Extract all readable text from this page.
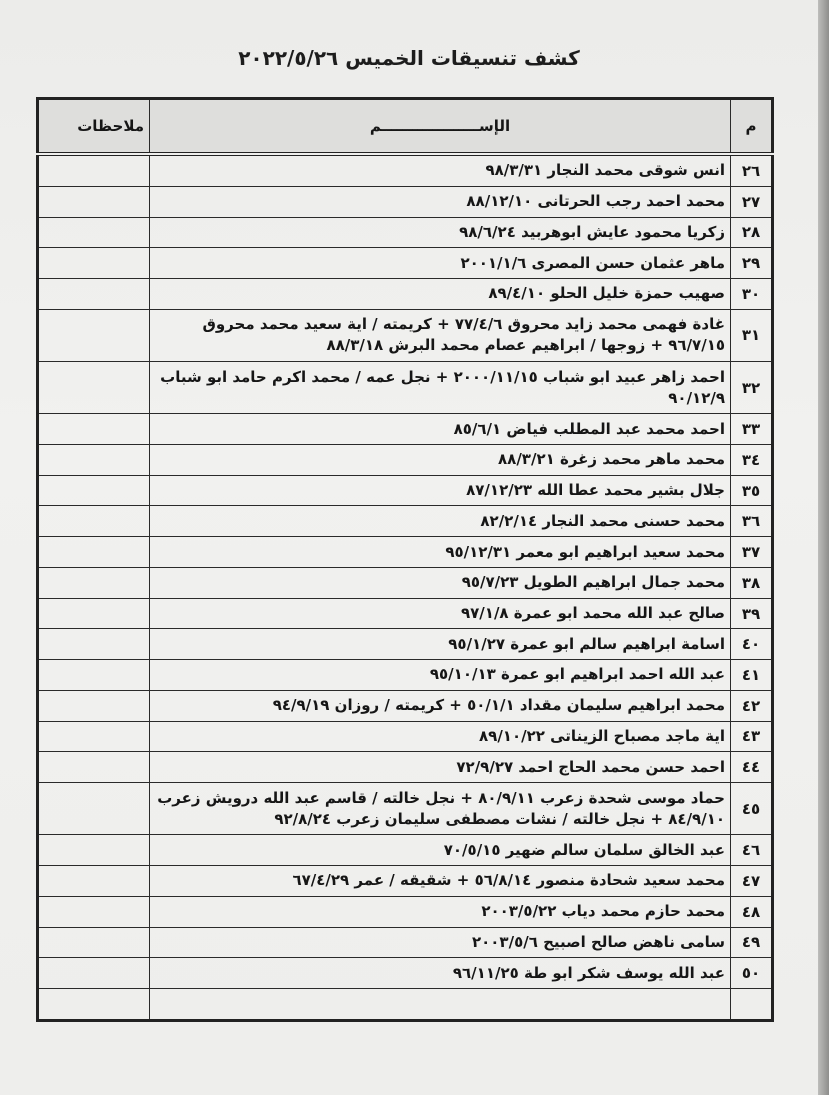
كشف تنسيقات الخميس ٢٠٢٢/٥/٢٦
م	الإســـــــــــــــــــم	ملاحظات
٢٦	انس شوقى محمد النجار ٩٨/٣/٣١	
٢٧	محمد احمد رجب الحرتانى ٨٨/١٢/١٠	
٢٨	زكريا محمود عايش ابوهربيد ٩٨/٦/٢٤	
٢٩	ماهر عثمان حسن المصرى ٢٠٠١/١/٦	
٣٠	صهيب حمزة خليل الحلو ٨٩/٤/١٠	
٣١	غادة فهمى محمد زايد محروق ٧٧/٤/٦ + كريمته / اية سعيد محمد محروق ٩٦/٧/١٥ + زوجها / ابراهيم عصام محمد البرش ٨٨/٣/١٨	
٣٢	احمد زاهر عبيد ابو شباب ٢٠٠٠/١١/١٥ + نجل عمه / محمد اكرم حامد ابو شباب ٩٠/١٢/٩	
٣٣	احمد محمد عبد المطلب فياض ٨٥/٦/١	
٣٤	محمد ماهر محمد زغرة ٨٨/٣/٢١	
٣٥	جلال بشير محمد عطا الله ٨٧/١٢/٢٣	
٣٦	محمد حسنى محمد النجار ٨٢/٢/١٤	
٣٧	محمد سعيد ابراهيم ابو معمر ٩٥/١٢/٣١	
٣٨	محمد جمال ابراهيم الطويل ٩٥/٧/٢٣	
٣٩	صالح عبد الله محمد ابو عمرة ٩٧/١/٨	
٤٠	اسامة ابراهيم سالم ابو عمرة ٩٥/١/٢٧	
٤١	عبد الله احمد ابراهيم ابو عمرة ٩٥/١٠/١٣	
٤٢	محمد ابراهيم سليمان مقداد ٥٠/١/١ + كريمته / روزان ٩٤/٩/١٩	
٤٣	اية ماجد مصباح الزيناتى ٨٩/١٠/٢٢	
٤٤	احمد حسن محمد الحاج احمد ٧٢/٩/٢٧	
٤٥	حماد موسى شحدة زعرب ٨٠/٩/١١ + نجل خالته / قاسم عبد الله درويش زعرب ٨٤/٩/١٠ + نجل خالته / نشات مصطفى سليمان زعرب ٩٢/٨/٢٤	
٤٦	عبد الخالق سلمان سالم ضهير ٧٠/٥/١٥	
٤٧	محمد سعيد شحادة منصور ٥٦/٨/١٤ + شقيقه / عمر ٦٧/٤/٢٩	
٤٨	محمد حازم محمد دياب ٢٠٠٣/٥/٢٢	
٤٩	سامى ناهض صالح اصبيح ٢٠٠٣/٥/٦	
٥٠	عبد الله يوسف شكر ابو طة ٩٦/١١/٢٥	
